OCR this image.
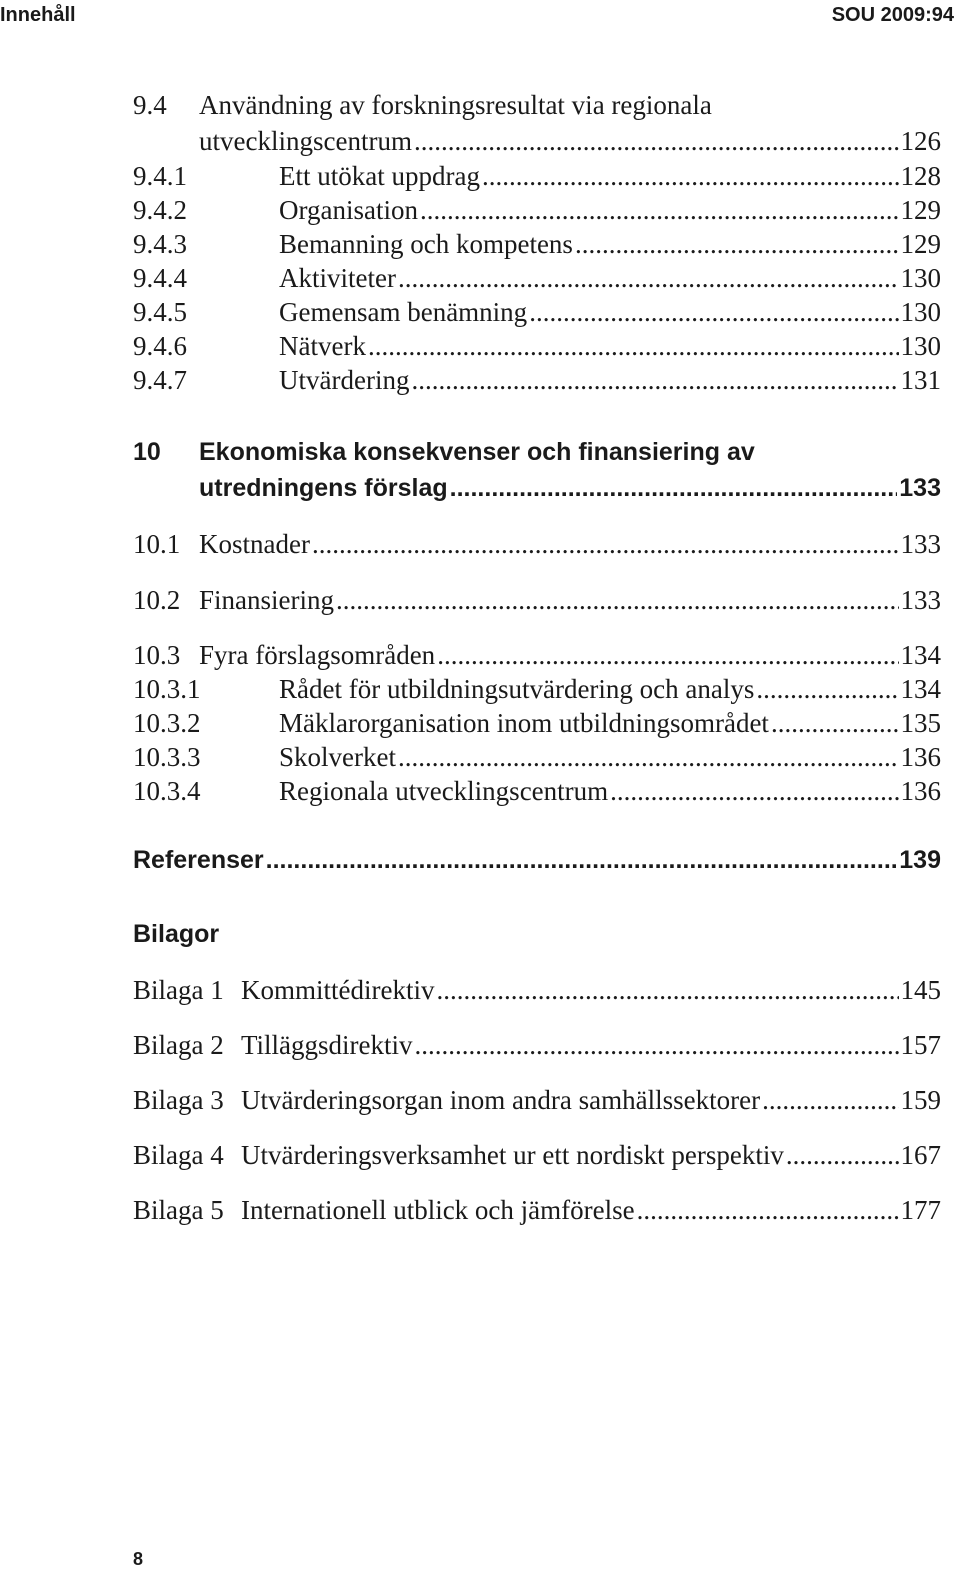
Innehåll	SOU 2009:94
9.4	Användning av forskningsresultat via regionala
utvecklingscentrum .....	126
9.4.1	Ett utökat uppdrag .....	128
9.4.2	Organisation .....	129
9.4.3	Bemanning och kompetens .....	129
9.4.4	Aktiviteter .....	130
9.4.5	Gemensam benämning .....	130
9.4.6	Nätverk .....	130
9.4.7	Utvärdering .....	131
10	Ekonomiska konsekvenser och finansiering av
utredningens förslag .....	133
10.1 Kostnader .....	133
10.2 Finansiering .....	133
10.3 Fyra förslagsområden .....	134
10.3.1	Rådet för utbildningsutvärdering och analys .....	134
10.3.2	Mäklarorganisation inom utbildningsområdet .....	135
10.3.3	Skolverket .....	136
10.3.4	Regionala utvecklingscentrum .....	136
Referenser .....	139
Bilagor
Bilaga 1 Kommittédirektiv .....	145
Bilaga 2 Tilläggsdirektiv .....	157
Bilaga 3 Utvärderingsorgan inom andra samhällssektorer .....	159
Bilaga 4 Utvärderingsverksamhet ur ett nordiskt perspektiv .....	167
Bilaga 5 Internationell utblick och jämförelse .....	177
8
